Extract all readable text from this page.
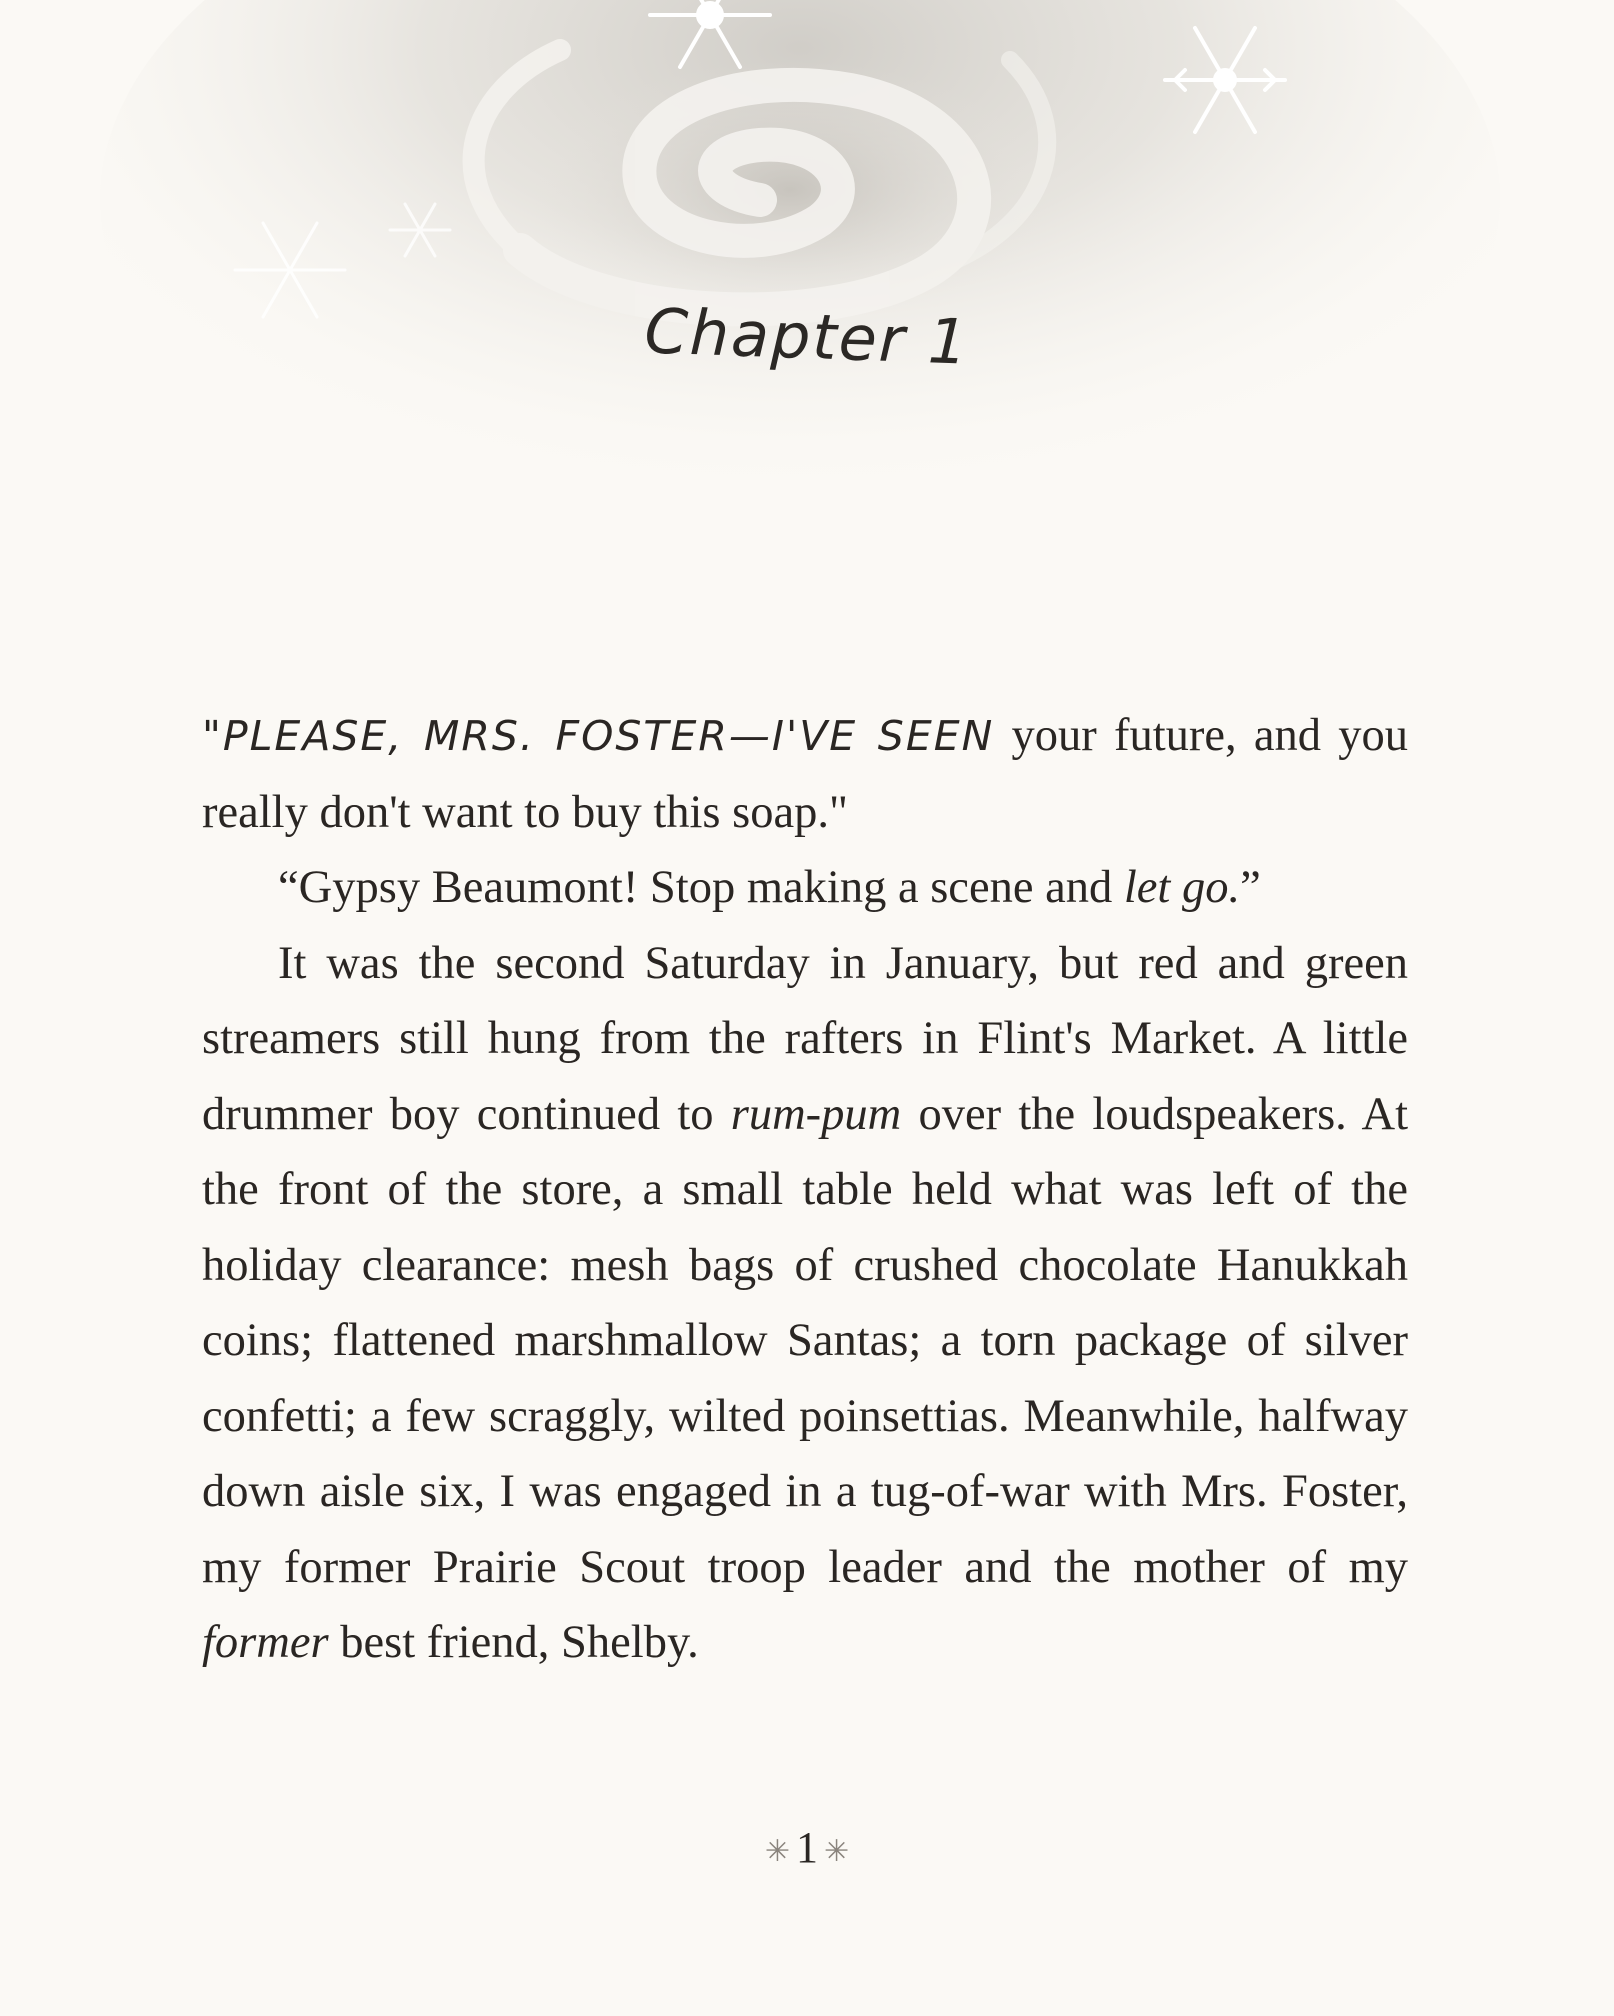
Chapter 1

"PLEASE, MRS. FOSTER—I'VE SEEN your future, and you really don't want to buy this soap."

“Gypsy Beaumont! Stop making a scene and let go.”

It was the second Saturday in January, but red and green streamers still hung from the rafters in Flint's Market. A little drummer boy continued to rum-pum over the loudspeakers. At the front of the store, a small table held what was left of the holiday clearance: mesh bags of crushed chocolate Hanukkah coins; flattened marshmallow Santas; a torn package of silver confetti; a few scraggly, wilted poinsettias. Meanwhile, halfway down aisle six, I was engaged in a tug-of-war with Mrs. Foster, my former Prairie Scout troop leader and the mother of my former best friend, Shelby.

✳ 1 ✳
